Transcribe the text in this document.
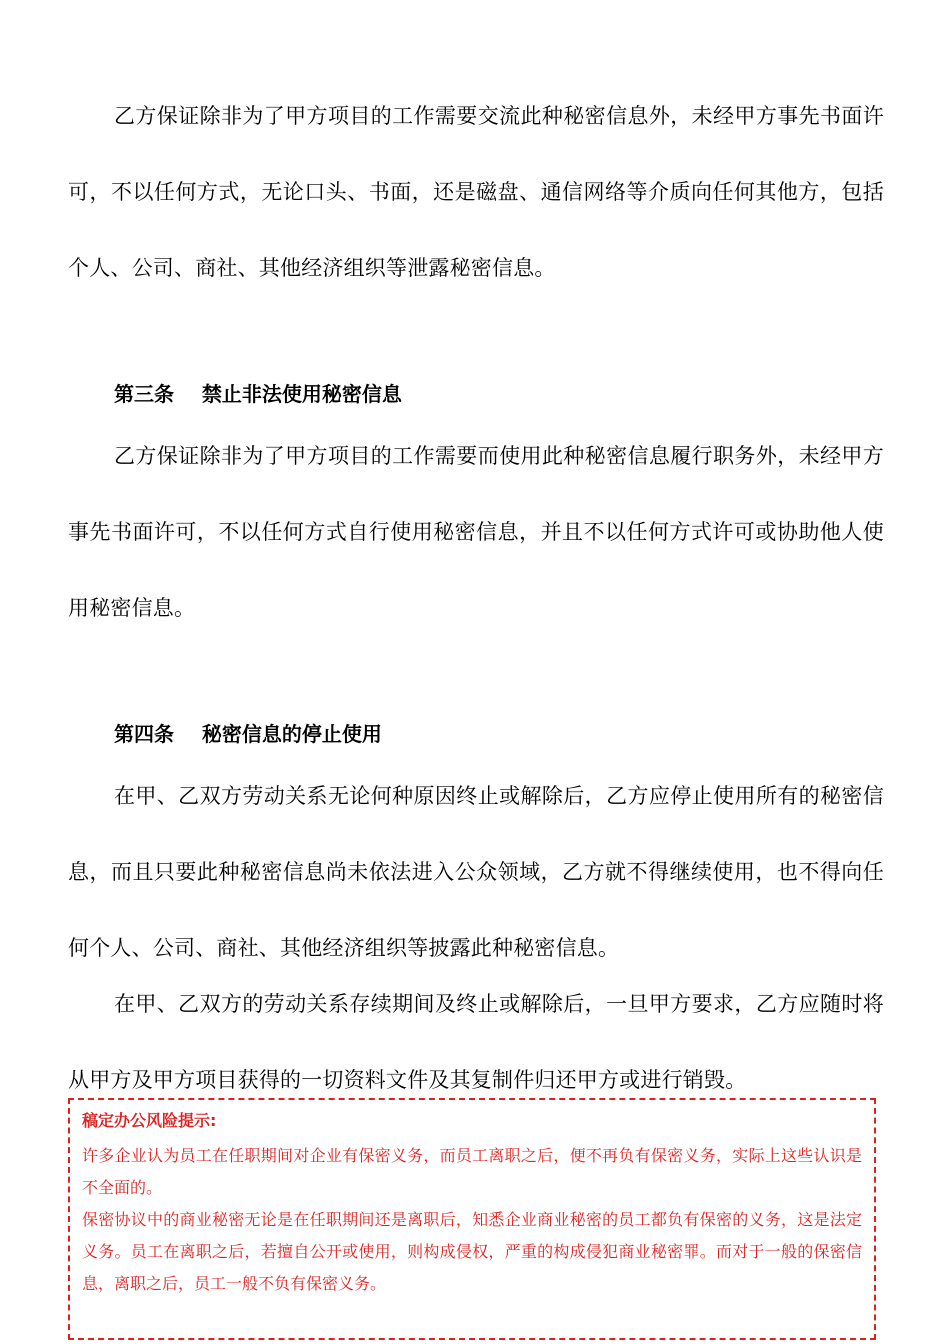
乙方保证除非为了甲方项目的工作需要交流此种秘密信息外，未经甲方事先书面许可，不以任何方式，无论口头、书面，还是磁盘、通信网络等介质向任何其他方，包括个人、公司、商社、其他经济组织等泄露秘密信息。

第三条    禁止非法使用秘密信息

乙方保证除非为了甲方项目的工作需要而使用此种秘密信息履行职务外，未经甲方事先书面许可，不以任何方式自行使用秘密信息，并且不以任何方式许可或协助他人使用秘密信息。

第四条    秘密信息的停止使用

在甲、乙双方劳动关系无论何种原因终止或解除后，乙方应停止使用所有的秘密信息，而且只要此种秘密信息尚未依法进入公众领域，乙方就不得继续使用，也不得向任何个人、公司、商社、其他经济组织等披露此种秘密信息。

在甲、乙双方的劳动关系存续期间及终止或解除后，一旦甲方要求，乙方应随时将从甲方及甲方项目获得的一切资料文件及其复制件归还甲方或进行销毁。

稿定办公风险提示:

许多企业认为员工在任职期间对企业有保密义务，而员工离职之后，便不再负有保密义务，实际上这些认识是不全面的。

保密协议中的商业秘密无论是在任职期间还是离职后，知悉企业商业秘密的员工都负有保密的义务，这是法定义务。员工在离职之后，若擅自公开或使用，则构成侵权，严重的构成侵犯商业秘密罪。而对于一般的保密信息，离职之后，员工一般不负有保密义务。
